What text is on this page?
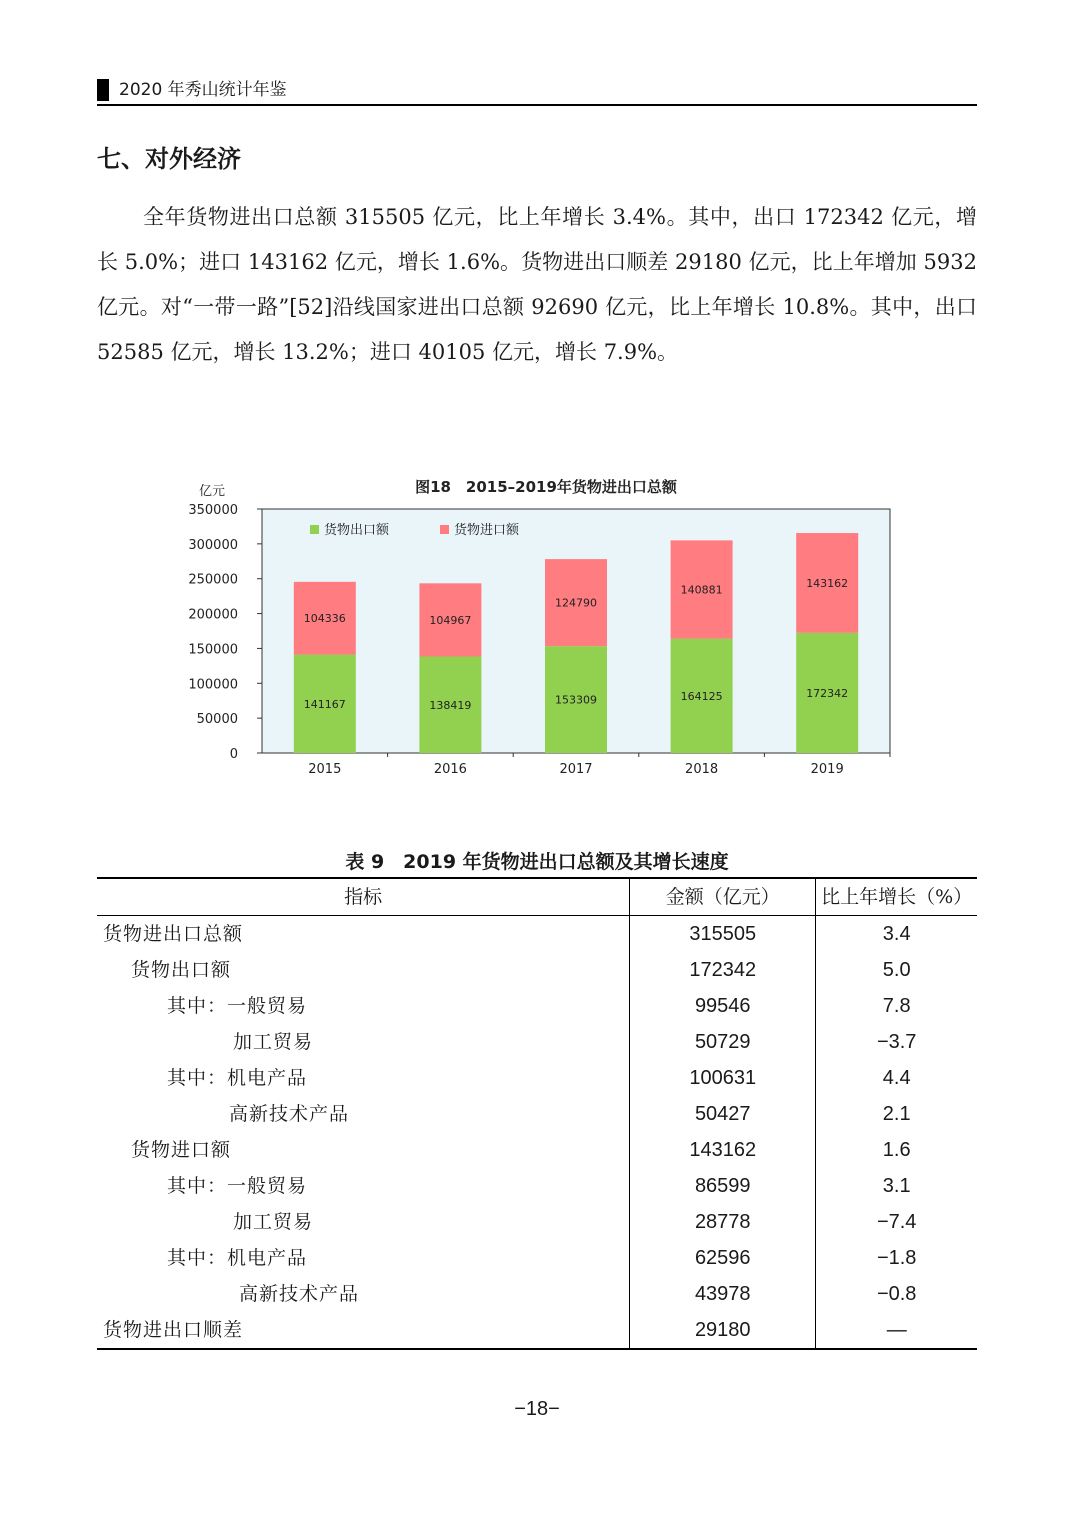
2020 年秀山统计年鉴
七、对外经济

全年货物进出口总额 315505 亿元，比上年增长 3.4%。其中，出口 172342 亿元，增长 5.0%；进口 143162 亿元，增长 1.6%。货物进出口顺差 29180 亿元，比上年增加 5932 亿元。对“一带一路”[52]沿线国家进出口总额 92690 亿元，比上年增长 10.8%。其中，出口 52585 亿元，增长 13.2%；进口 40105 亿元，增长 7.9%。

图18　2015–2019年货物进出口总额
亿元
0
50000
100000
150000
200000
250000
300000
350000
141167
104336
2015
138419
104967
2016
153309
124790
2017
164125
140881
2018
172342
143162
2019
货物出口额	货物进口额
表 9　2019 年货物进出口总额及其增长速度
指标	金额（亿元）	比上年增长（%）
货物进出口总额	315505	3.4
货物出口额	172342	5.0
其中：一般贸易	99546	7.8
加工贸易	50729	−3.7
其中：机电产品	100631	4.4
高新技术产品	50427	2.1
货物进口额	143162	1.6
其中：一般贸易	86599	3.1
加工贸易	28778	−7.4
其中：机电产品	62596	−1.8
高新技术产品	43978	−0.8
货物进出口顺差	29180	—
−18−
